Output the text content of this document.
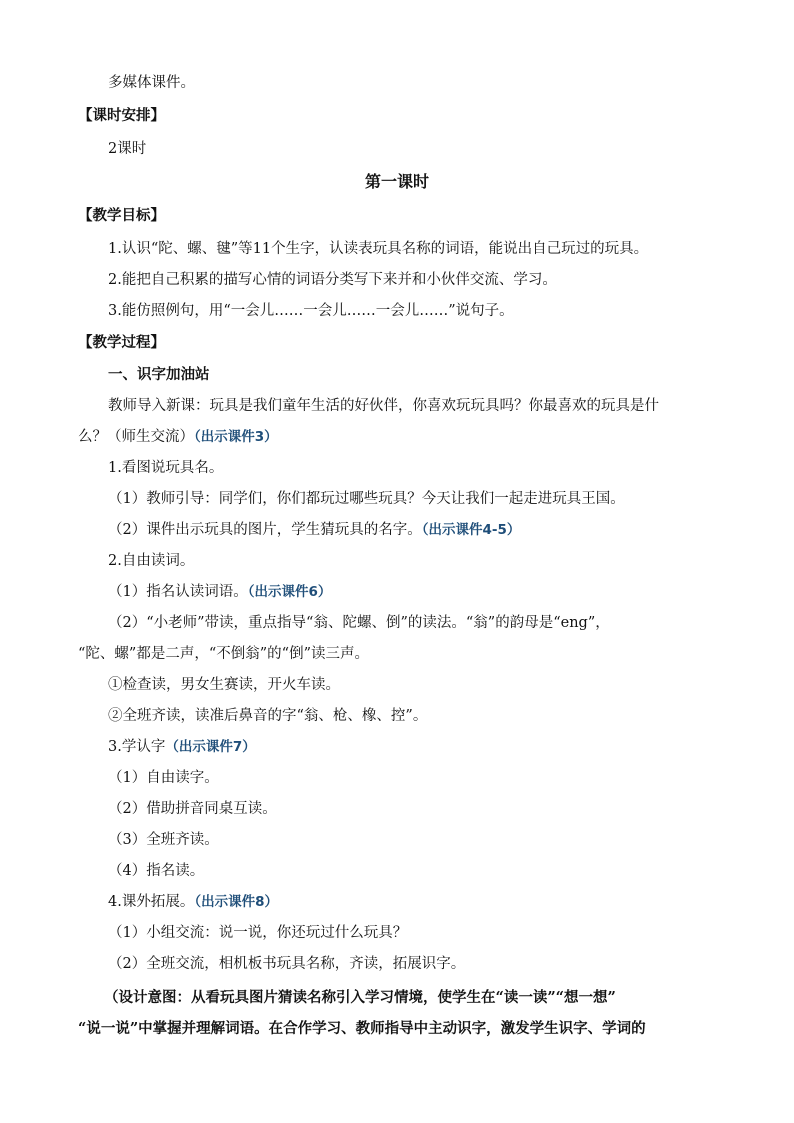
多媒体课件。
【课时安排】
2课时
第一课时
【教学目标】
1.认识“陀、螺、毽”等11个生字，认读表玩具名称的词语，能说出自己玩过的玩具。
2.能把自己积累的描写心情的词语分类写下来并和小伙伴交流、学习。
3.能仿照例句，用“一会儿……一会儿……一会儿……”说句子。
【教学过程】
一、识字加油站
教师导入新课：玩具是我们童年生活的好伙伴，你喜欢玩玩具吗？你最喜欢的玩具是什
么？（师生交流）（出示课件3）
1.看图说玩具名。
（1）教师引导：同学们，你们都玩过哪些玩具？今天让我们一起走进玩具王国。
（2）课件出示玩具的图片，学生猜玩具的名字。（出示课件4-5）
2.自由读词。
（1）指名认读词语。（出示课件6）
（2）“小老师”带读，重点指导“翁、陀螺、倒”的读法。“翁”的韵母是“eng”，
“陀、螺”都是二声，“不倒翁”的“倒”读三声。
①检查读，男女生赛读，开火车读。
②全班齐读，读准后鼻音的字“翁、枪、橡、控”。
3.学认字（出示课件7）
（1）自由读字。
（2）借助拼音同桌互读。
（3）全班齐读。
（4）指名读。
4.课外拓展。（出示课件8）
（1）小组交流：说一说，你还玩过什么玩具？
（2）全班交流，相机板书玩具名称，齐读，拓展识字。
（设计意图：从看玩具图片猜读名称引入学习情境，使学生在“读一读”“想一想”
“说一说”中掌握并理解词语。在合作学习、教师指导中主动识字，激发学生识字、学词的
